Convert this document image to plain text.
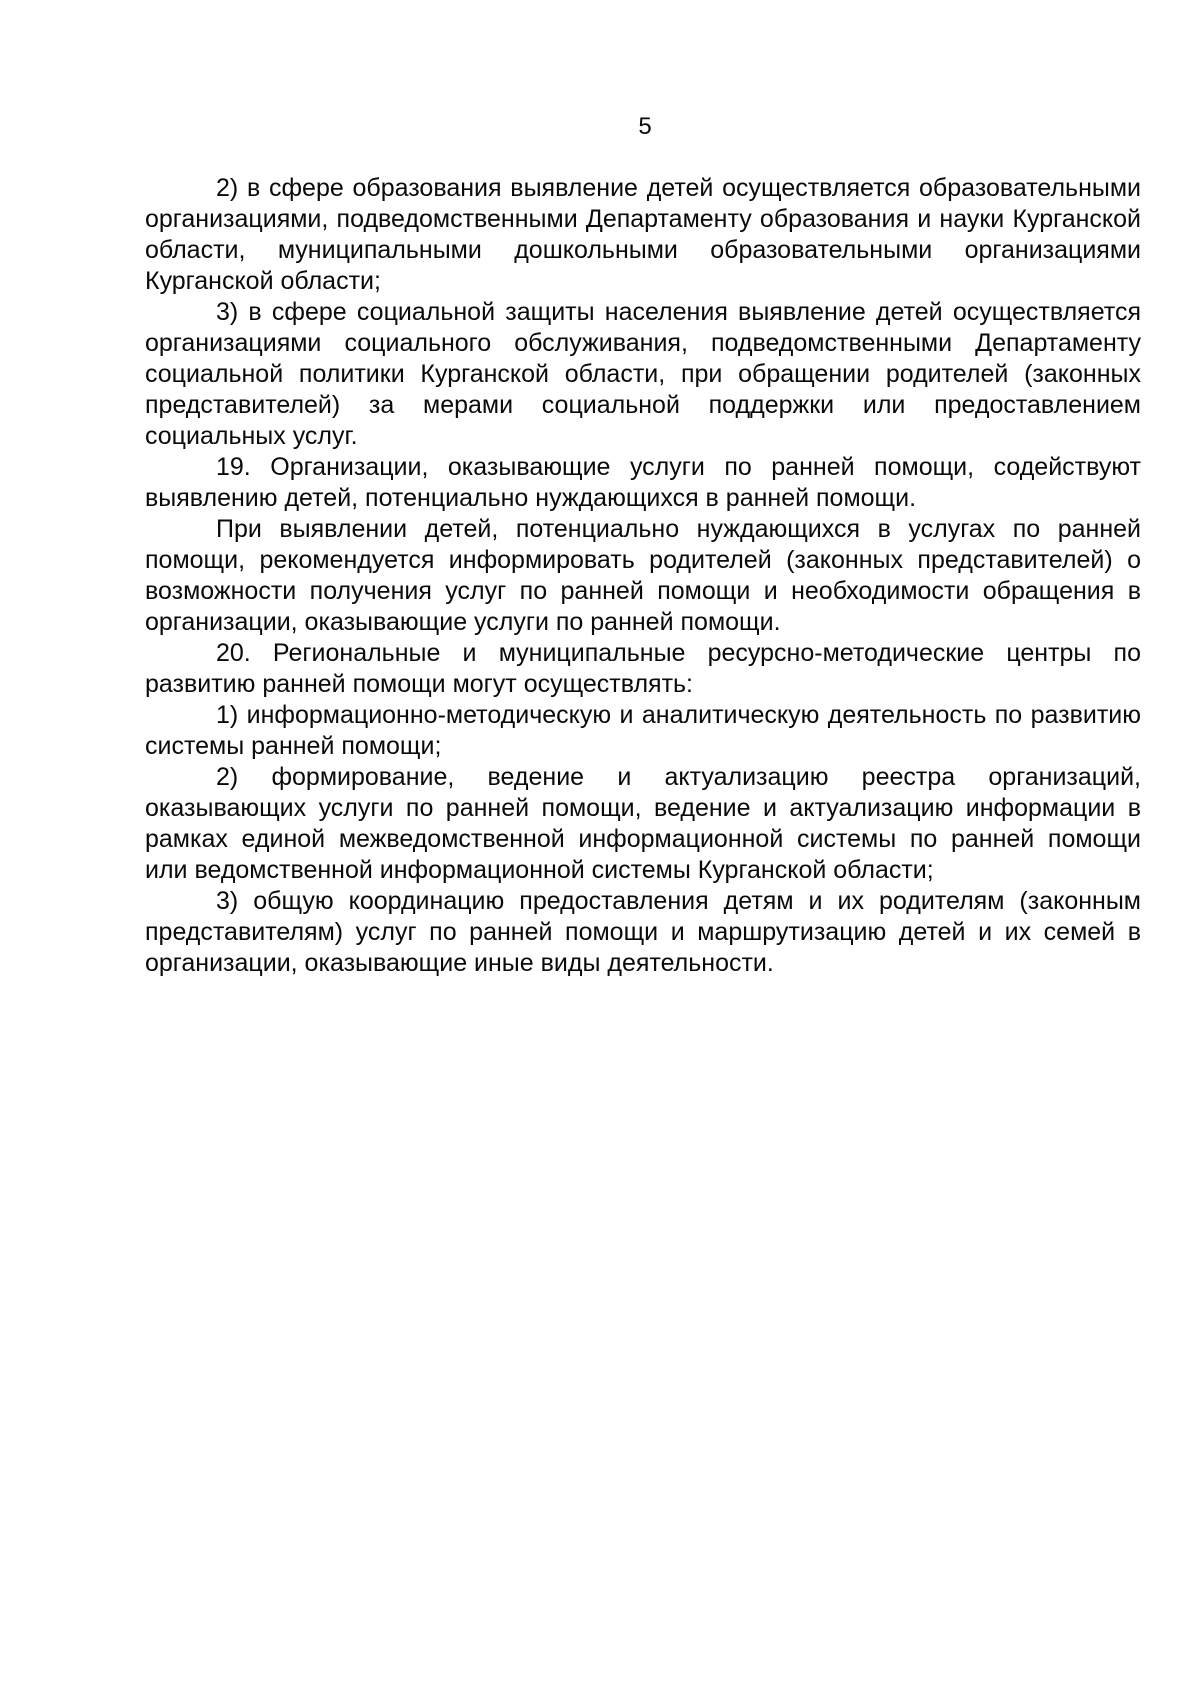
5

2) в сфере образования выявление детей осуществляется образовательными организациями, подведомственными Департаменту образования и науки Курганской области, муниципальными дошкольными образовательными организациями Курганской области;

3) в сфере социальной защиты населения выявление детей осуществляется организациями социального обслуживания, подведомственными Департаменту социальной политики Курганской области, при обращении родителей (законных представителей) за мерами социальной поддержки или предоставлением социальных услуг.

19. Организации, оказывающие услуги по ранней помощи, содействуют выявлению детей, потенциально нуждающихся в ранней помощи.

При выявлении детей, потенциально нуждающихся в услугах по ранней помощи, рекомендуется информировать родителей (законных представителей) о возможности получения услуг по ранней помощи и необходимости обращения в организации, оказывающие услуги по ранней помощи.

20. Региональные и муниципальные ресурсно-методические центры по развитию ранней помощи могут осуществлять:

1) информационно-методическую и аналитическую деятельность по развитию системы ранней помощи;

2) формирование, ведение и актуализацию реестра организаций, оказывающих услуги по ранней помощи, ведение и актуализацию информации в рамках единой межведомственной информационной системы по ранней помощи или ведомственной информационной системы Курганской области;

3) общую координацию предоставления детям и их родителям (законным представителям) услуг по ранней помощи и маршрутизацию детей и их семей в организации, оказывающие иные виды деятельности.
